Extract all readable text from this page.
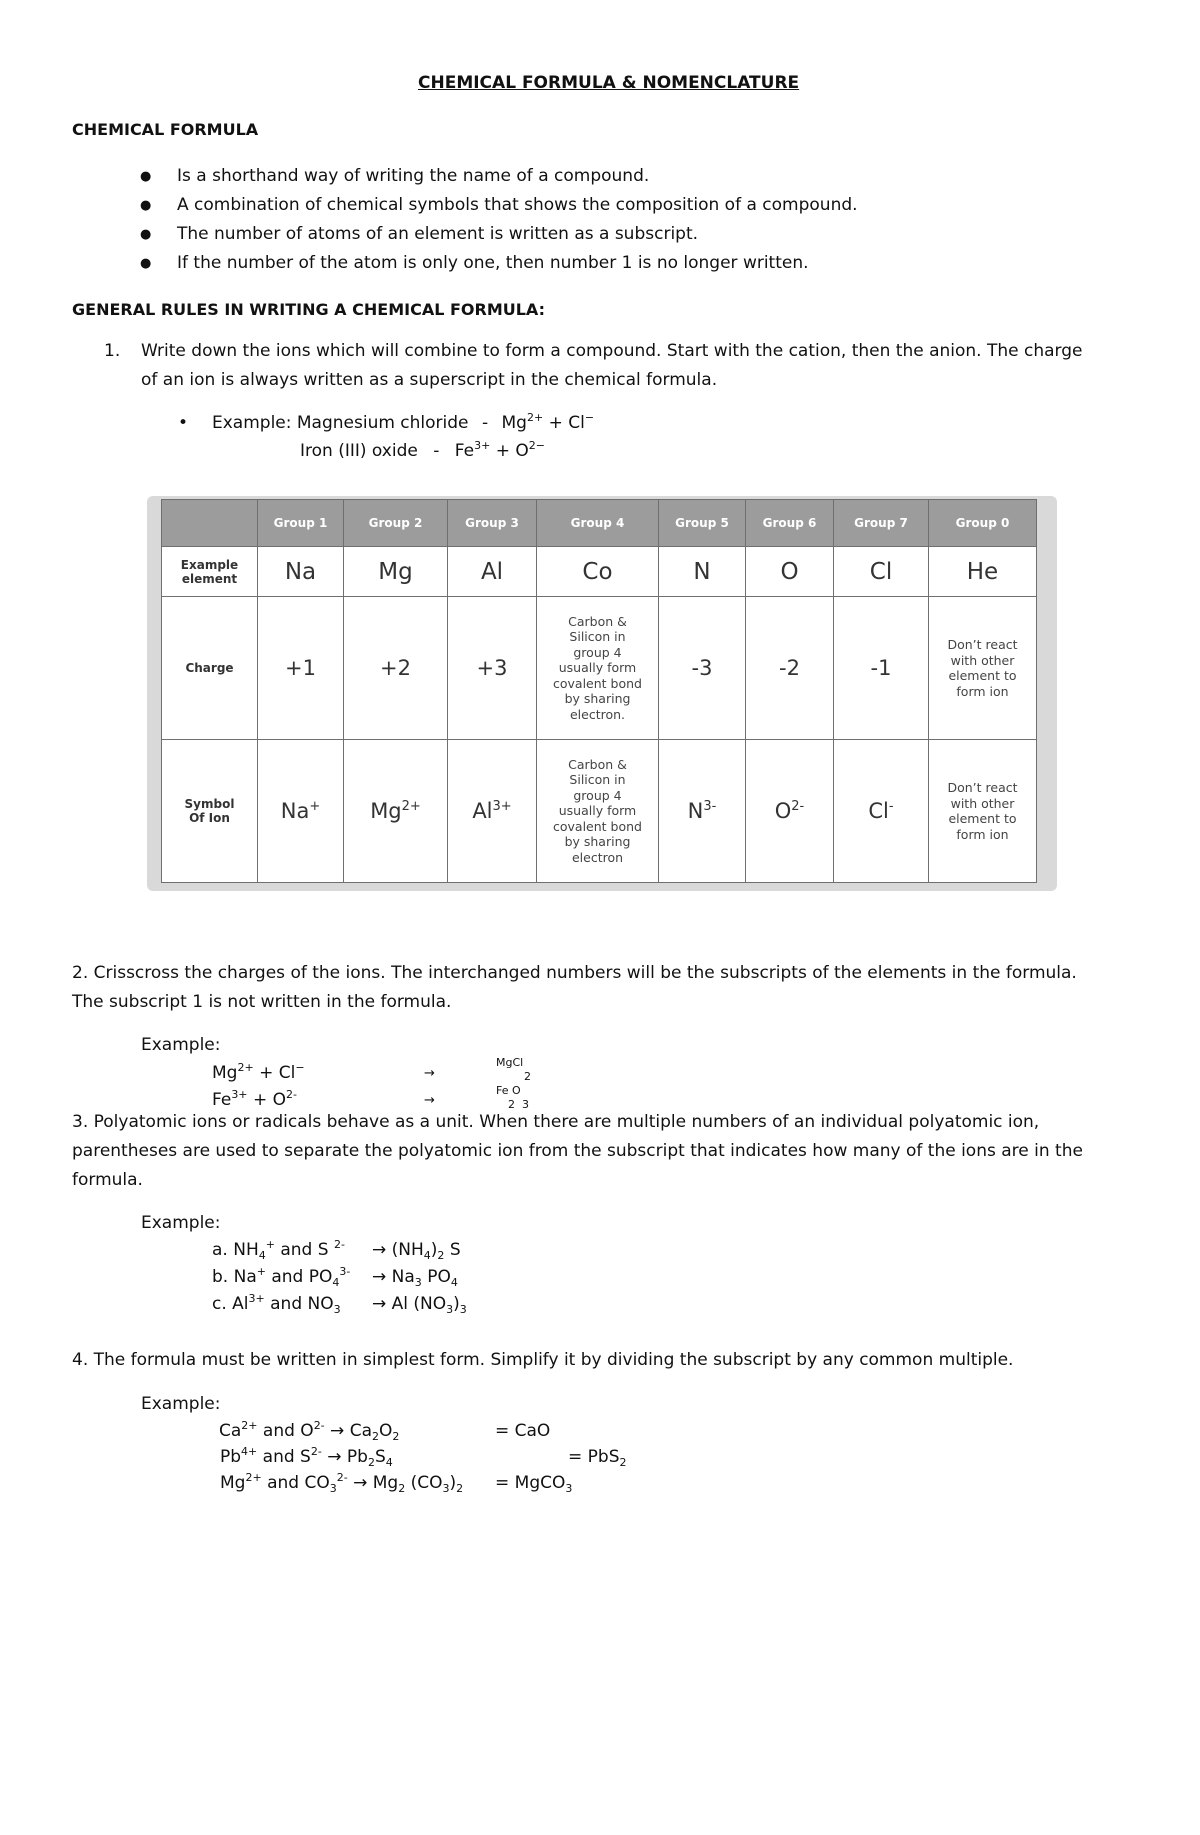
CHEMICAL FORMULA & NOMENCLATURE
CHEMICAL FORMULA
● Is a shorthand way of writing the name of a compound.
● A combination of chemical symbols that shows the composition of a compound.
● The number of atoms of an element is written as a subscript.
● If the number of the atom is only one, then number 1 is no longer written.
GENERAL RULES IN WRITING A CHEMICAL FORMULA:
1. Write down the ions which will combine to form a compound. Start with the cation, then the anion. The charge
of an ion is always written as a superscript in the chemical formula.
• Example: Magnesium chloride - $Mg^{2+} + Cl^-$
Iron (III) oxide - $Fe^{3+} + O^{2-}$
	Group 1	Group 2	Group 3	Group 4	Group 5	Group 6	Group 7	Group 0
Example element	Na	Mg	Al	Co	N	O	Cl	He
Charge	+1	+2	+3	Carbon & Silicon in group 4 usually form covalent bond by sharing electron.	-3	-2	-1	Don’t react with other element to form ion
Symbol Of Ion	Na+	$Mg^{2+}$	$Al^{3+}$	Carbon & Silicon in group 4 usually form covalent bond by sharing electron	$N^{3-}$	$O^{2-}$	Cl-	Don’t react with other element to form ion
2. Crisscross the charges of the ions. The interchanged numbers will be the subscripts of the elements in the formula.
The subscript 1 is not written in the formula.
Example:
$Mg^{2+} + Cl^-$	→
MgCl
2
$Fe^{3+} + O^{2-}$	→
Fe O
2  3
3. Polyatomic ions or radicals behave as a unit. When there are multiple numbers of an individual polyatomic ion,
parentheses are used to separate the polyatomic ion from the subscript that indicates how many of the ions are in the
formula.
Example:
a. $NH_4^+$ and S $^{2-} \to (NH_4)_2$ S
b. Na+ and $PO_4^{3-} \to Na_3$ $PO_4$
c. $Al^{3+}$ and $NO_3 \to Al$ $(NO_3)_3$
4. The formula must be written in simplest form. Simplify it by dividing the subscript by any common multiple.
Example:
$Ca^{2+}$ and $O^{2-} \to Ca_2O_2$	= CaO
$Pb^{4+}$ and $S^{2-} \to Pb_2S_4$	= PbS$_2$
$Mg^{2+}$ and $CO_3^{2-} \to Mg_2$ $(CO_3)_2$ = MgCO$_3$
